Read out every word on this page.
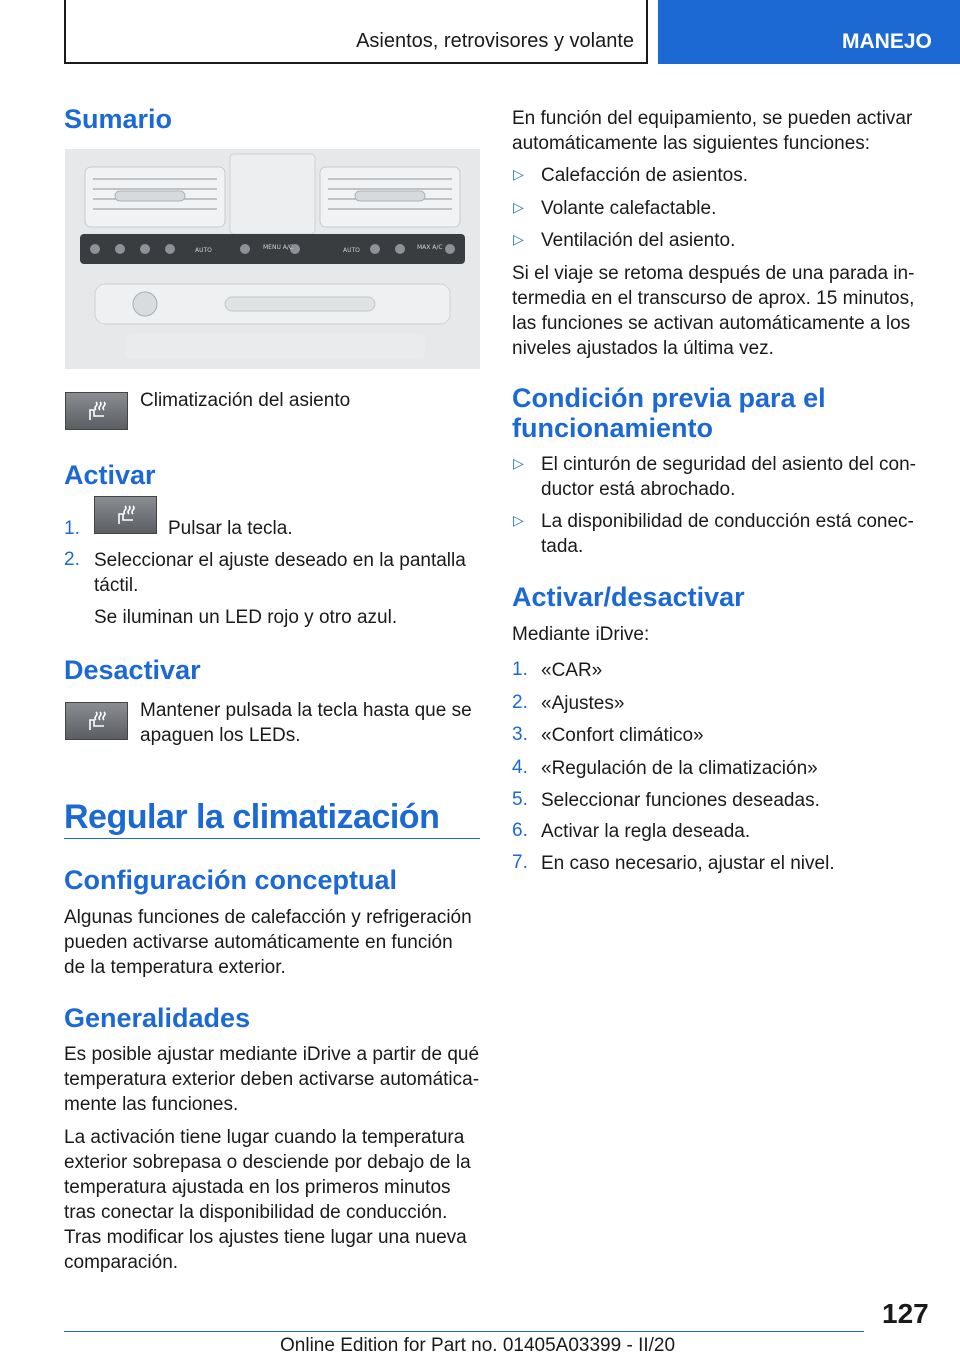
Asientos, retrovisores y volante	MANEJO
Sumario
AUTO	MENU A/C	AUTO	MAX A/C
Climatización del asiento
Activar
1.	Pulsar la tecla.
2. Seleccionar el ajuste deseado en la pantalla
táctil.
Se iluminan un LED rojo y otro azul.
Desactivar
Mantener pulsada la tecla hasta que se
apaguen los LEDs.
Regular la climatización
Configuración conceptual
Algunas funciones de calefacción y refrigeración
pueden activarse automáticamente en función
de la temperatura exterior.
Generalidades
Es posible ajustar mediante iDrive a partir de qué
temperatura exterior deben activarse automática‐
mente las funciones.
La activación tiene lugar cuando la temperatura
exterior sobrepasa o desciende por debajo de la
temperatura ajustada en los primeros minutos
tras conectar la disponibilidad de conducción.
Tras modificar los ajustes tiene lugar una nueva
comparación.
En función del equipamiento, se pueden activar
automáticamente las siguientes funciones:
▷ Calefacción de asientos.
▷ Volante calefactable.
▷ Ventilación del asiento.
Si el viaje se retoma después de una parada in‐
termedia en el transcurso de aprox. 15 minutos,
las funciones se activan automáticamente a los
niveles ajustados la última vez.
Condición previa para el
funcionamiento
▷ El cinturón de seguridad del asiento del con‐
ductor está abrochado.
▷ La disponibilidad de conducción está conec‐
tada.
Activar/desactivar
Mediante iDrive:
1. «CAR»
2. «Ajustes»
3. «Confort climático»
4. «Regulación de la climatización»
5. Seleccionar funciones deseadas.
6. Activar la regla deseada.
7. En caso necesario, ajustar el nivel.
127
Online Edition for Part no. 01405A03399 - II/20
